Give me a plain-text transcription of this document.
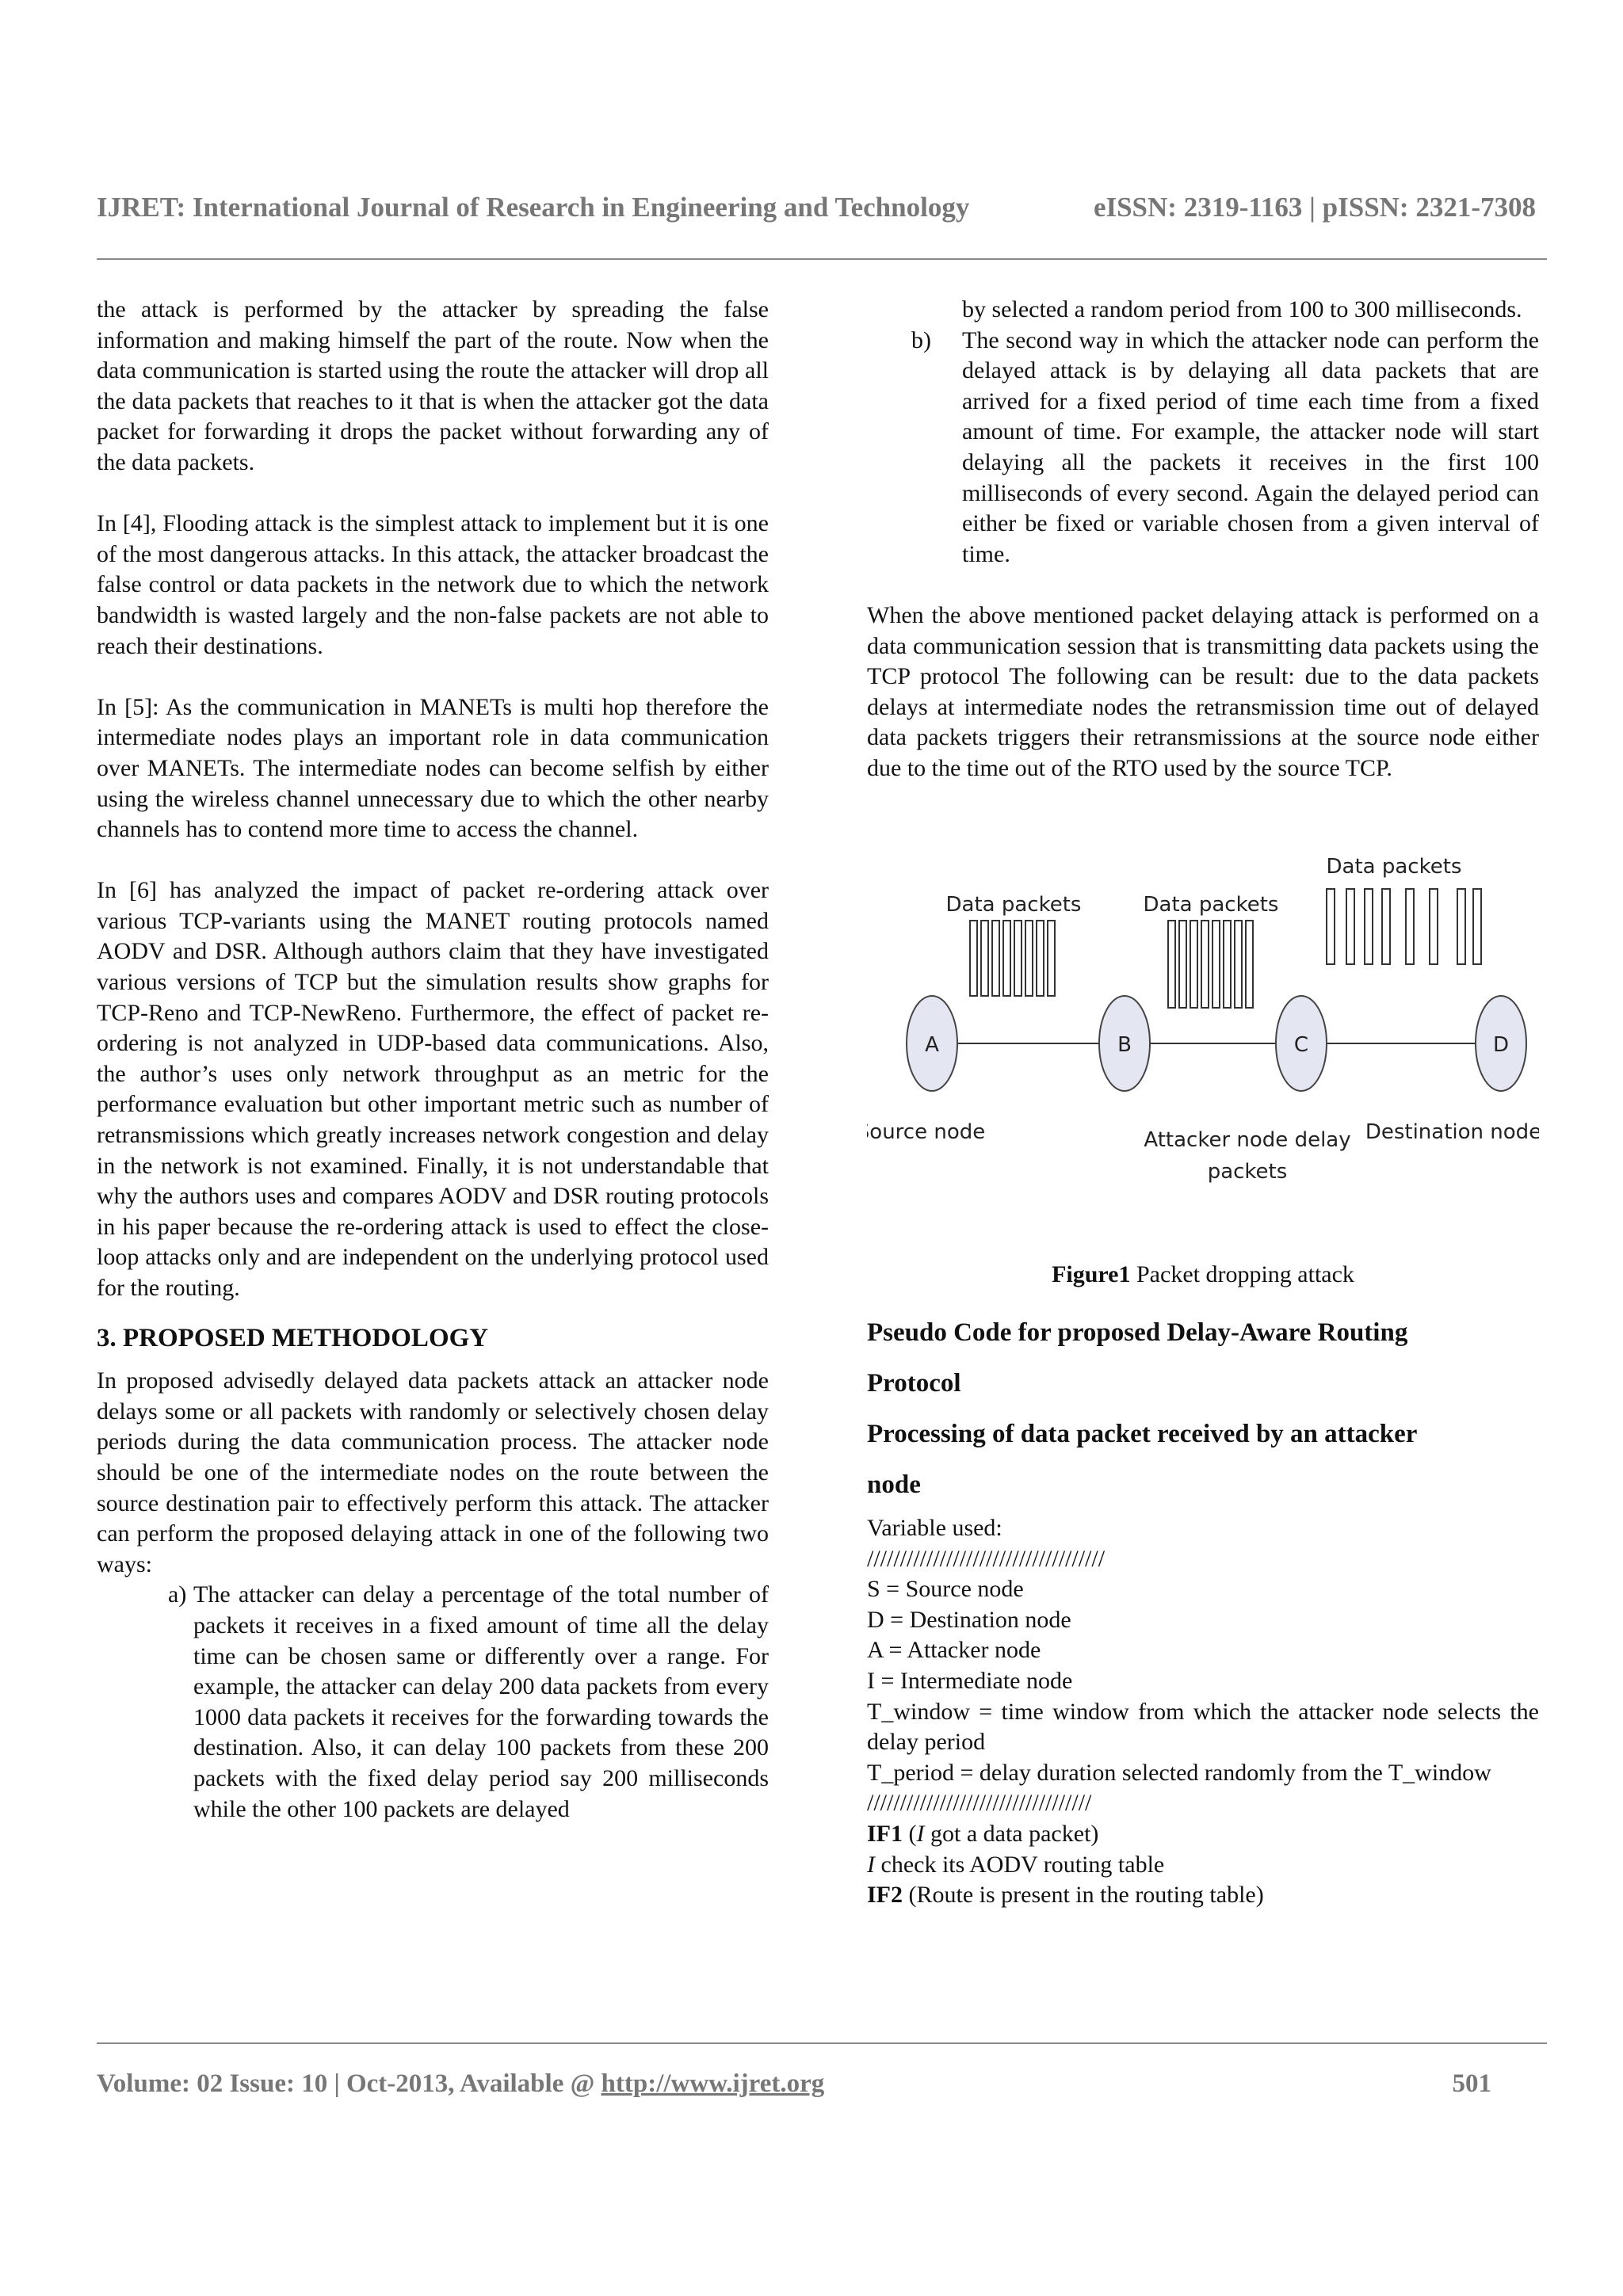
IJRET: International Journal of Research in Engineering and Technology	eISSN: 2319-1163 | pISSN: 2321-7308

the attack is performed by the attacker by spreading the false information and making himself the part of the route. Now when the data communication is started using the route the attacker will drop all the data packets that reaches to it that is when the attacker got the data packet for forwarding it drops the packet without forwarding any of the data packets.

In [4], Flooding attack is the simplest attack to implement but it is one of the most dangerous attacks. In this attack, the attacker broadcast the false control or data packets in the network due to which the network bandwidth is wasted largely and the non-false packets are not able to reach their destinations.

In [5]: As the communication in MANETs is multi hop therefore the intermediate nodes plays an important role in data communication over MANETs. The intermediate nodes can become selfish by either using the wireless channel unnecessary due to which the other nearby channels has to contend more time to access the channel.

In [6] has analyzed the impact of packet re-ordering attack over various TCP-variants using the MANET routing protocols named AODV and DSR. Although authors claim that they have investigated various versions of TCP but the simulation results show graphs for TCP-Reno and TCP-NewReno. Furthermore, the effect of packet re-ordering is not analyzed in UDP-based data communications. Also, the author’s uses only network throughput as an metric for the performance evaluation but other important metric such as number of retransmissions which greatly increases network congestion and delay in the network is not examined. Finally, it is not understandable that why the authors uses and compares AODV and DSR routing protocols in his paper because the re-ordering attack is used to effect the close-loop attacks only and are independent on the underlying protocol used for the routing.

3. PROPOSED METHODOLOGY

In proposed advisedly delayed data packets attack an attacker node delays some or all packets with randomly or selectively chosen delay periods during the data communication process. The attacker node should be one of the intermediate nodes on the route between the source destination pair to effectively perform this attack. The attacker can perform the proposed delaying attack in one of the following two ways:

a) The attacker can delay a percentage of the total number of packets it receives in a fixed amount of time all the delay time can be chosen same or differently over a range. For example, the attacker can delay 200 data packets from every 1000 data packets it receives for the forwarding towards the destination. Also, it can delay 100 packets from these 200 packets with the fixed delay period say 200 milliseconds while the other 100 packets are delayed

by selected a random period from 100 to 300 milliseconds.

b)	The second way in which the attacker node can perform the delayed attack is by delaying all data packets that are arrived for a fixed period of time each time from a fixed amount of time. For example, the attacker node will start delaying all the packets it receives in the first 100 milliseconds of every second. Again the delayed period can either be fixed or variable chosen from a given interval of time.

When the above mentioned packet delaying attack is performed on a data communication session that is transmitting data packets using the TCP protocol The following can be result: due to the data packets delays at intermediate nodes the retransmission time out of delayed data packets triggers their retransmissions at the source node either due to the time out of the RTO used by the source TCP.

A	B	C	D
Data packets	Data packets
Data packets
Source node	Attacker node delay
packets
Destination node
Figure1 Packet dropping attack
Pseudo Code for proposed Delay-Aware Routing
Protocol
Processing of data packet received by an attacker
node
Variable used:
////////////////////////////////////
S = Source node
D = Destination node
A = Attacker node
I = Intermediate node

T_window = time window from which the attacker node selects the delay period

T_period = delay duration selected randomly from the T_window

//////////////////////////////////
IF1 (I got a data packet)
I check its AODV routing table
IF2 (Route is present in the routing table)
Volume: 02 Issue: 10 | Oct-2013, Available @ http://www.ijret.org	501
